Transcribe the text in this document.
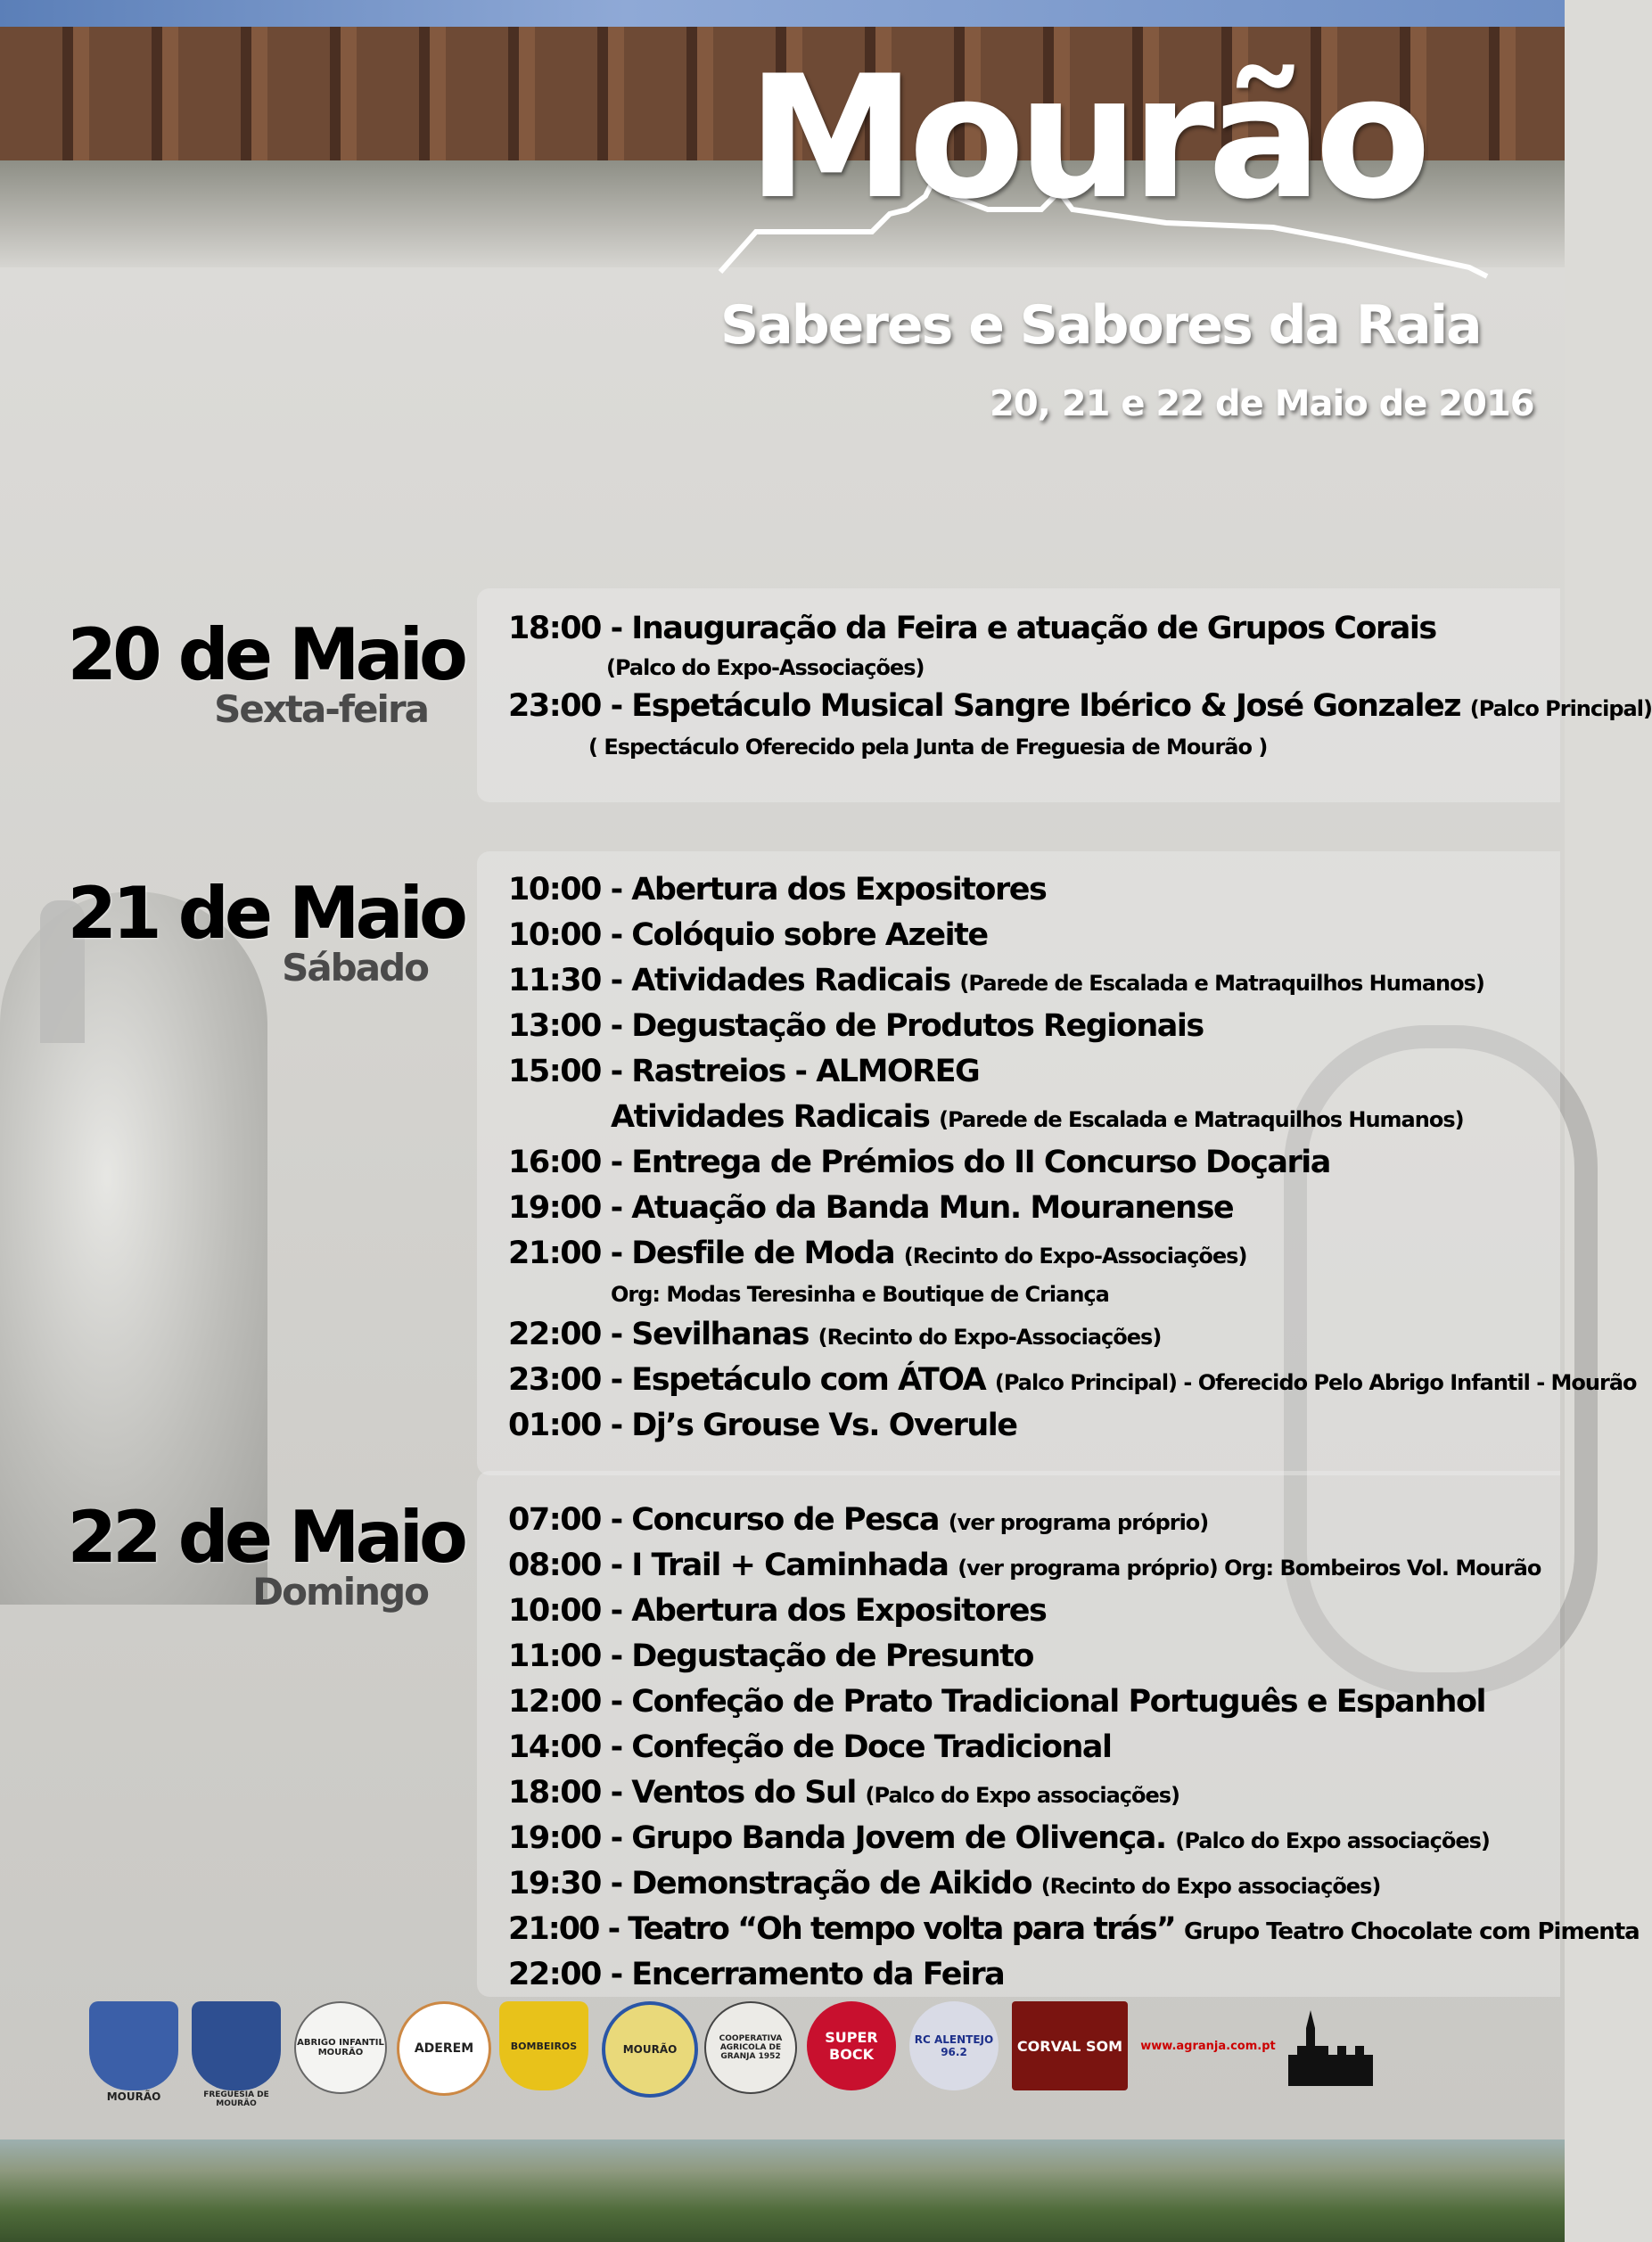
Mourão
Saberes e Sabores da Raia
20, 21 e 22 de Maio de 2016
20 de Maio
Sexta-feira
18:00 - Inauguração da Feira e atuação de Grupos Corais
(Palco do Expo-Associações)
23:00 - Espetáculo Musical Sangre Ibérico & José Gonzalez (Palco Principal)
( Espectáculo Oferecido pela Junta de Freguesia de Mourão )
21 de Maio
Sábado
10:00 - Abertura dos Expositores
10:00 - Colóquio sobre Azeite
11:30 - Atividades Radicais (Parede de Escalada e Matraquilhos Humanos)
13:00 - Degustação de Produtos Regionais
15:00 - Rastreios - ALMOREG
Atividades Radicais (Parede de Escalada e Matraquilhos Humanos)
16:00 - Entrega de Prémios do II Concurso Doçaria
19:00 - Atuação da Banda Mun. Mouranense
21:00 - Desfile de Moda (Recinto do Expo-Associações)
Org: Modas Teresinha e Boutique de Criança
22:00 - Sevilhanas (Recinto do Expo-Associações)
23:00 - Espetáculo com ÁTOA (Palco Principal) - Oferecido Pelo Abrigo Infantil - Mourão
01:00 - Dj’s Grouse Vs. Overule
22 de Maio
Domingo
07:00 - Concurso de Pesca (ver programa próprio)
08:00 - I Trail + Caminhada (ver programa próprio) Org: Bombeiros Vol. Mourão
10:00 - Abertura dos Expositores
11:00 - Degustação de Presunto
12:00 - Confeção de Prato Tradicional Português e Espanhol
14:00 - Confeção de Doce Tradicional
18:00 - Ventos do Sul (Palco do Expo associações)
19:00 - Grupo Banda Jovem de Olivença. (Palco do Expo associações)
19:30 - Demonstração de Aikido (Recinto do Expo associações)
21:00 - Teatro “Oh tempo volta para trás” Grupo Teatro Chocolate com Pimenta
22:00 - Encerramento da Feira
MOURÃO	FREGUESIA DE MOURÃO
ABRIGO INFANTIL MOURÃO	ADEREM	BOMBEIROS	MOURÃO
COOPERATIVA AGRICOLA DE GRANJA 1952
SUPER BOCK
RC ALENTEJO 96.2	CORVAL SOM www.agranja.com.pt
